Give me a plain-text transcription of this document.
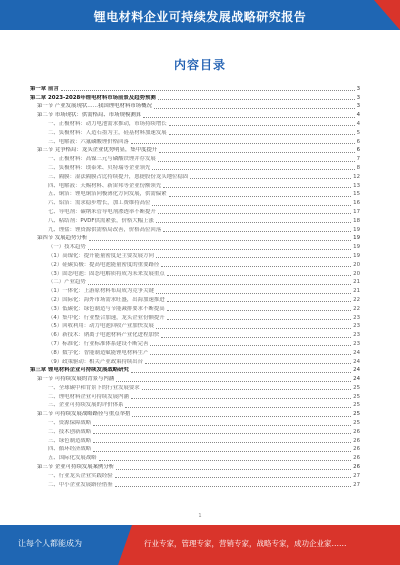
锂电材料企业可持续发展战略研究报告
内容目录
第一章 前言	3
第二章 2023-2028年锂电材料市场前景及趋势预测	3
第一节 产业发展现状……我国锂电材料市场概况	3
第二节 市场现状：供需格局、市场规模测算	4
一、正极材料：动力电池需求推动，市场持续增长	4
二、负极材料：人造石墨为主，硅基材料加速发展	5
三、电解液：六氟磷酸锂价格回落	6
第三节 竞争格局：龙头企业优势明显，集中度提升	6
一、正极材料：高镍三元与磷酸铁锂并存发展	7
二、负极材料：璞泰来、贝特瑞等企业领先	8
三、隔膜：湿法隔膜占比持续提升，恩捷股份龙头地位稳固	12
四、电解液：天赐材料、新宙邦等企业份额领先	13
五、铜箔：锂电铜箔向极薄化方向发展，供需偏紧	15
六、铝箔：需求稳步增长，加工费维持高位	16
七、导电剂：碳纳米管导电剂渗透率不断提升	17
八、粘结剂：PVDF供需紧张，价格大幅上涨	18
九、锂盐：锂资源供需格局改善，价格高位回落	19
第四节 发展趋势分析	19
（一）技术趋势	19
（1）高镍化：提升能量密度是主要发展方向	19
（2）硅碳负极：提高电池能量密度的重要路径	20
（3）固态电池：固态电解质将成为未来发展重点	20
（二）产业趋势	21
（1）一体化：上游原材料布局成为竞争关键	21
（2）国际化：海外市场需求旺盛，出海加速推进	22
（3）低碳化：绿色制造与节能减排要求不断提高	22
（4）集中化：行业整合加速，龙头企业份额提升	23
（5）回收利用：动力电池回收产业加快发展	23
（6）新技术：钠离子电池材料产业化进程加快	23
（7）标准化：行业标准体系建设不断完善	23
（8）数字化：智能制造赋能锂电材料生产	24
（9）政策驱动：相关产业政策持续出台	24
第三章 锂电材料企业可持续发展战略研究	24
第一节 可持续发展的背景与内涵	24
一、全球碳中和背景下的行业发展要求	25
二、锂电材料企业可持续发展内涵	25
三、企业可持续发展的评价体系	25
第二节 可持续发展战略路径与重点举措	25
一、资源保障战略	25
二、技术创新战略	26
三、绿色制造战略	26
四、循环经济战略	26
五、国际化发展战略	26
第三节 企业可持续发展案例分析	26
一、行业龙头企业实践经验	27
二、中小企业发展路径借鉴	27
1
让每个人都能成为	行业专家，管理专家，营销专家，战略专家，成功企业家……
